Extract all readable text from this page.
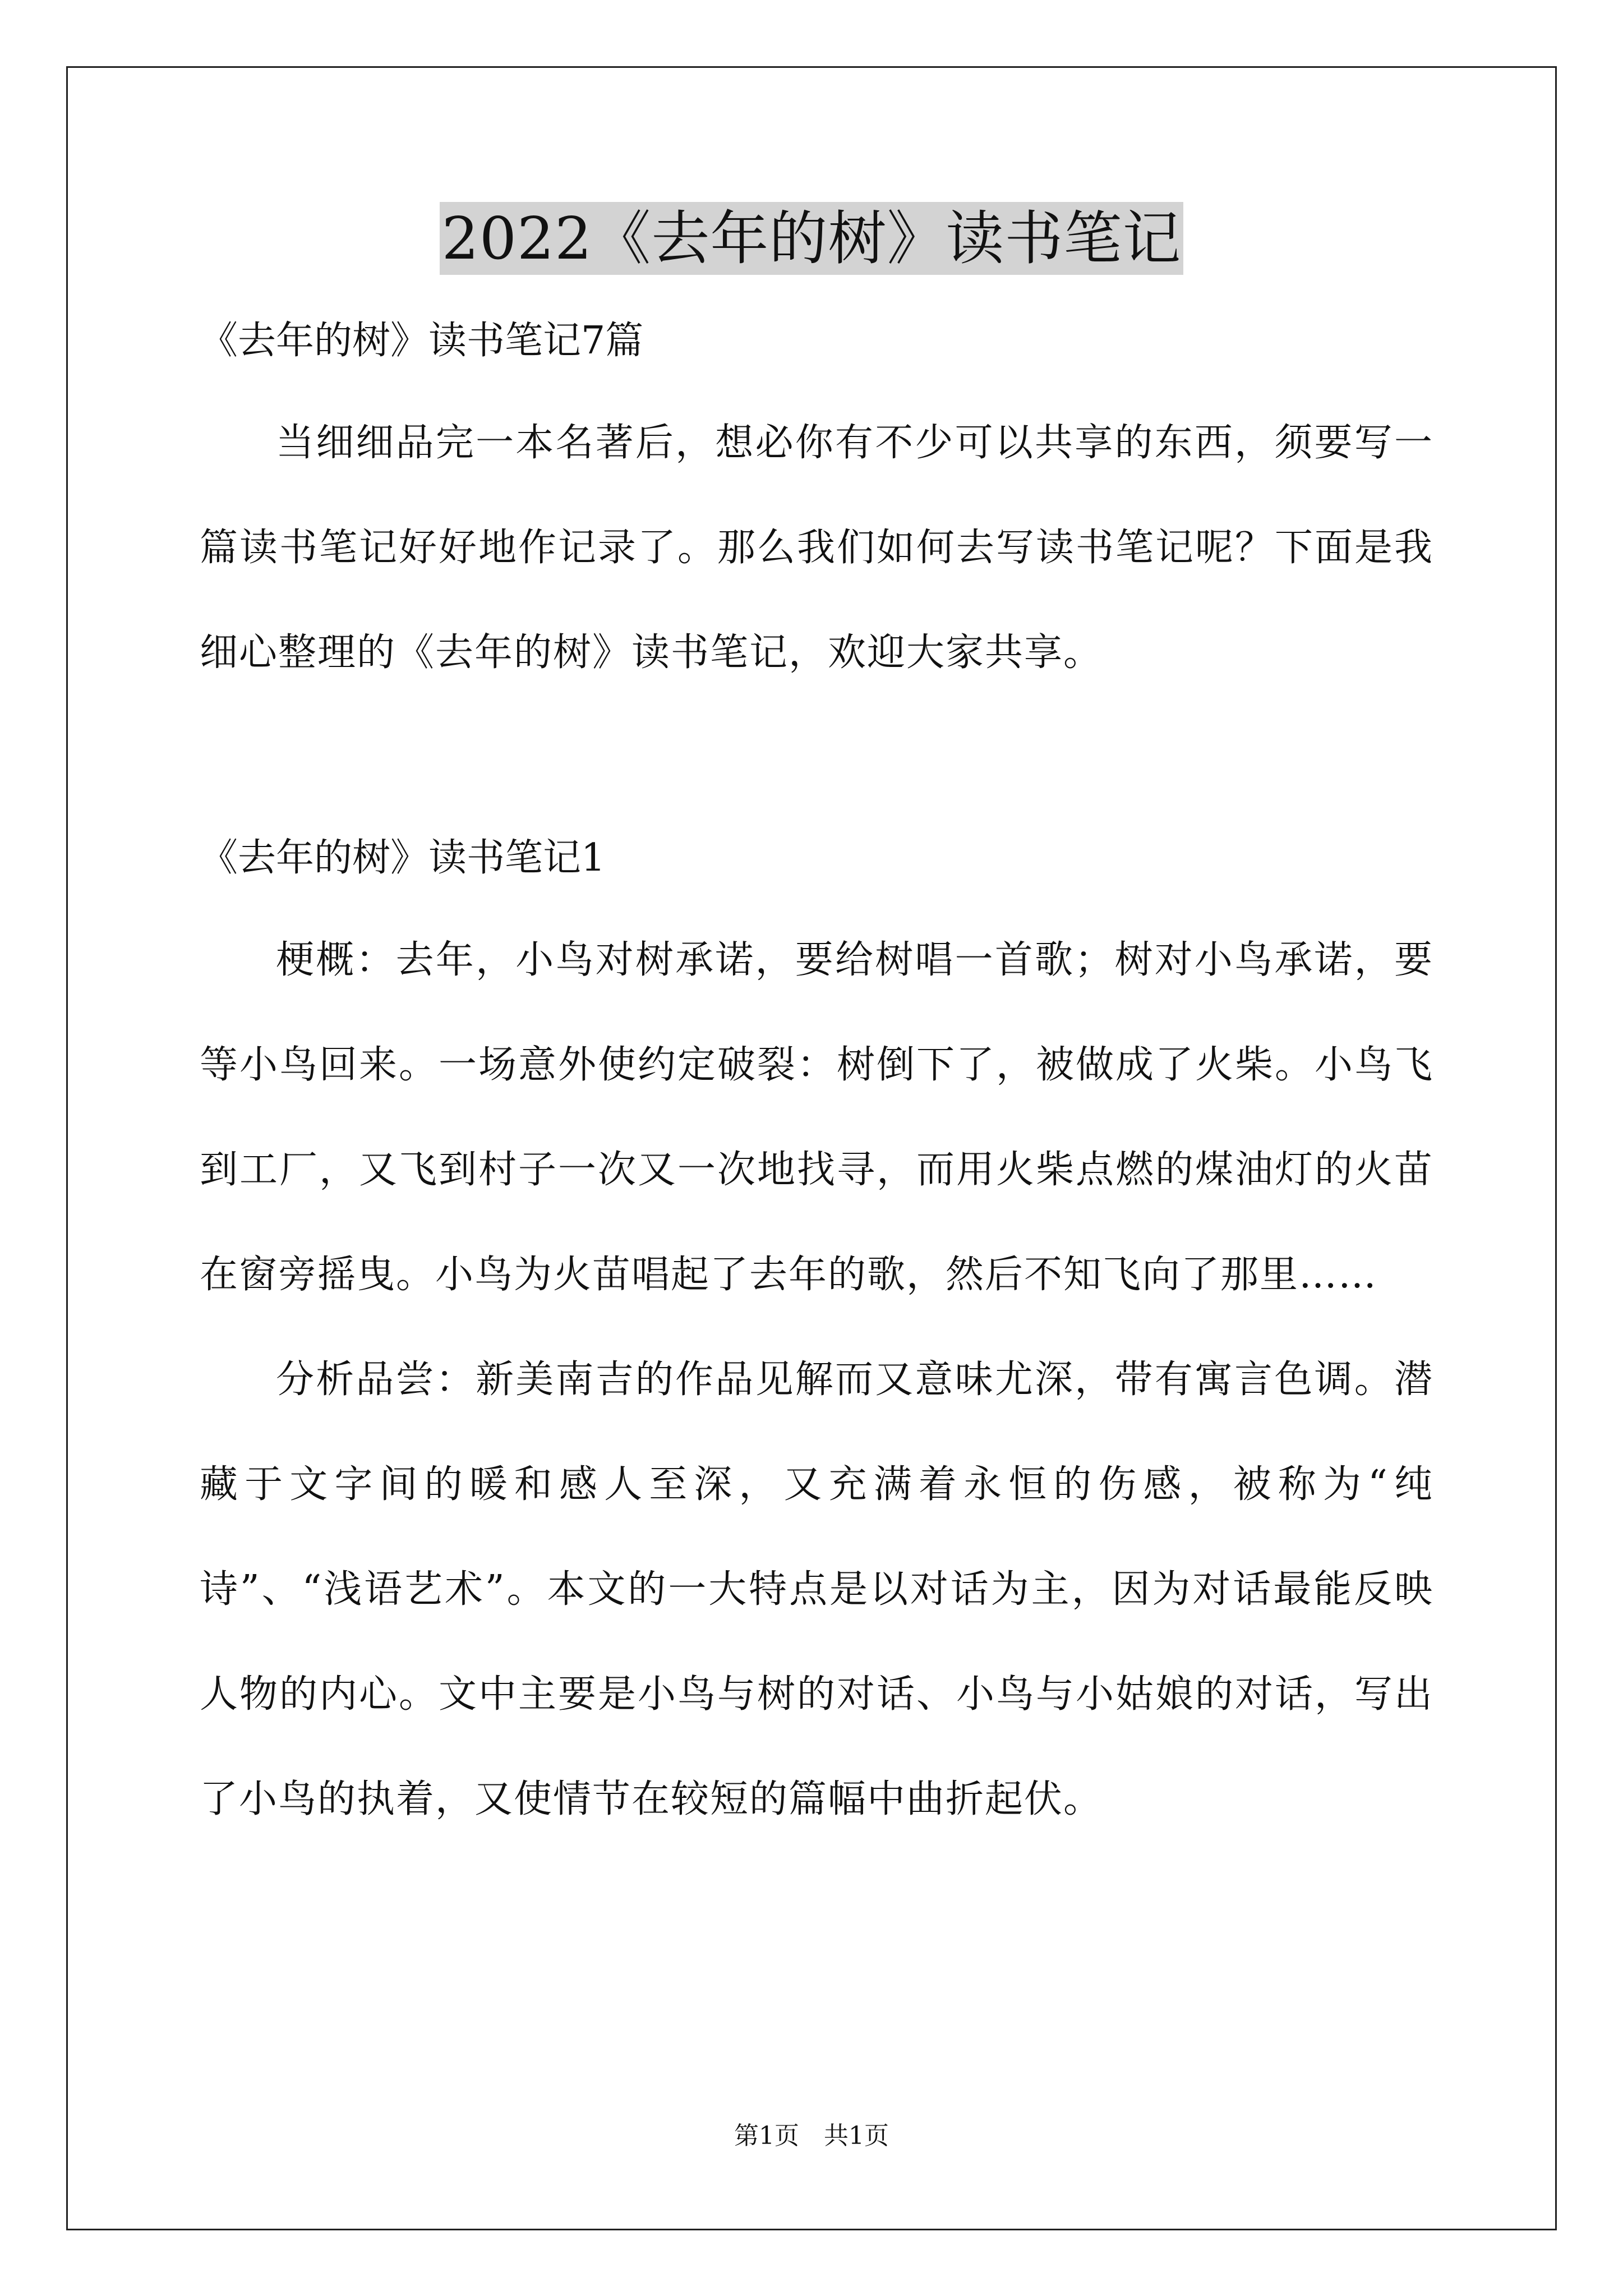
2022《去年的树》读书笔记

《去年的树》读书笔记7篇

当细细品完一本名著后，想必你有不少可以共享的东西，须要写一篇读书笔记好好地作记录了。那么我们如何去写读书笔记呢？下面是我细心整理的《去年的树》读书笔记，欢迎大家共享。

《去年的树》读书笔记1

梗概：去年，小鸟对树承诺，要给树唱一首歌；树对小鸟承诺，要等小鸟回来。一场意外使约定破裂：树倒下了，被做成了火柴。小鸟飞到工厂，又飞到村子一次又一次地找寻，而用火柴点燃的煤油灯的火苗在窗旁摇曳。小鸟为火苗唱起了去年的歌，然后不知飞向了那里……

分析品尝：新美南吉的作品见解而又意味尤深，带有寓言色调。潜藏于文字间的暖和感人至深，又充满着永恒的伤感，被称为“纯诗”、“浅语艺术”。本文的一大特点是以对话为主，因为对话最能反映人物的内心。文中主要是小鸟与树的对话、小鸟与小姑娘的对话，写出了小鸟的执着，又使情节在较短的篇幅中曲折起伏。

第1页　共1页
